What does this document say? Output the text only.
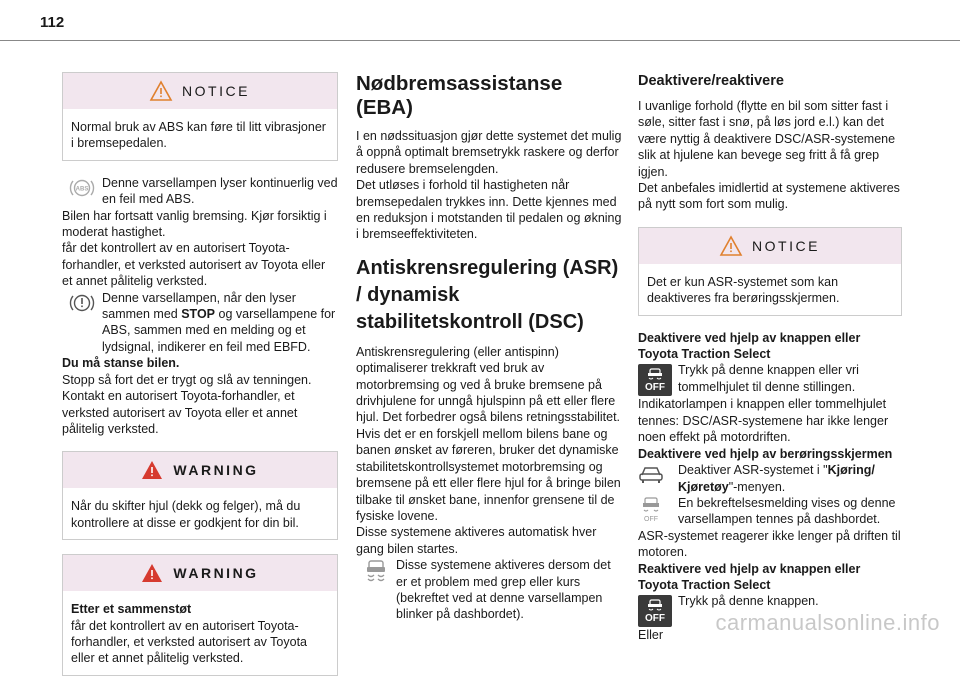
112
NOTICE
Normal bruk av ABS kan føre til litt vibrasjoner i bremsepedalen.
ABS Denne varsellampen lyser kontinuerlig ved en feil med ABS.

Bilen har fortsatt vanlig bremsing. Kjør forsiktig i moderat hastighet.

får det kontrollert av en autorisert Toyota-forhandler, et verksted autorisert av Toyota eller et annet pålitelig verksted.

Denne varsellampen, når den lyser sammen med STOP og varsellampene for ABS, sammen med en melding og et lydsignal, indikerer en feil med EBFD.

Du må stanse bilen.

Stopp så fort det er trygt og slå av tenningen. Kontakt en autorisert Toyota-forhandler, et verksted autorisert av Toyota eller et annet pålitelig verksted.

WARNING
Når du skifter hjul (dekk og felger), må du kontrollere at disse er godkjent for din bil.
WARNING
Etter et sammenstøt
får det kontrollert av en autorisert Toyota-forhandler, et verksted autorisert av Toyota eller et annet pålitelig verksted.
Nødbremsassistanse (EBA)

I en nødssituasjon gjør dette systemet det mulig å oppnå optimalt bremsetrykk raskere og derfor redusere bremselengden.

Det utløses i forhold til hastigheten når bremsepedalen trykkes inn. Dette kjennes med en reduksjon i motstanden til pedalen og økning i bremseeffektiviteten.

Antiskrensregulering (ASR) / dynamisk stabilitetskontroll (DSC)

Antiskrensregulering (eller antispinn) optimaliserer trekkraft ved bruk av motorbremsing og ved å bruke bremsene på drivhjulene for unngå hjulspinn på ett eller flere hjul. Det forbedrer også bilens retningsstabilitet.

Hvis det er en forskjell mellom bilens bane og banen ønsket av føreren, bruker det dynamiske stabilitetskontrollsystemet motorbremsing og bremsene på ett eller flere hjul for å bringe bilen tilbake til ønsket bane, innenfor grensene til de fysiske lovene.

Disse systemene aktiveres automatisk hver gang bilen startes.

Disse systemene aktiveres dersom det er et problem med grep eller kurs (bekreftet ved at denne varsellampen blinker på dashbordet).
Deaktivere/reaktivere

I uvanlige forhold (flytte en bil som sitter fast i søle, sitter fast i snø, på løs jord e.l.) kan det være nyttig å deaktivere DSC/ASR-systemene slik at hjulene kan bevege seg fritt å få grep igjen.

Det anbefales imidlertid at systemene aktiveres på nytt som fort som mulig.

NOTICE
Det er kun ASR-systemet som kan deaktiveres fra berøringsskjermen.
Deaktivere ved hjelp av knappen eller Toyota Traction Select
OFF
Trykk på denne knappen eller vri tommelhjulet til denne stillingen.

Indikatorlampen i knappen eller tommelhjulet tennes: DSC/ASR-systemene har ikke lenger noen effekt på motordriften.

Deaktivere ved hjelp av berøringsskjermen
Deaktiver ASR-systemet i "Kjøring/ Kjøretøy"-menyen.
OFF
En bekreftelsesmelding vises og denne varsellampen tennes på dashbordet.

ASR-systemet reagerer ikke lenger på driften til motoren.

Reaktivere ved hjelp av knappen eller Toyota Traction Select
OFF
Trykk på denne knappen.

Eller

carmanualsonline.info
